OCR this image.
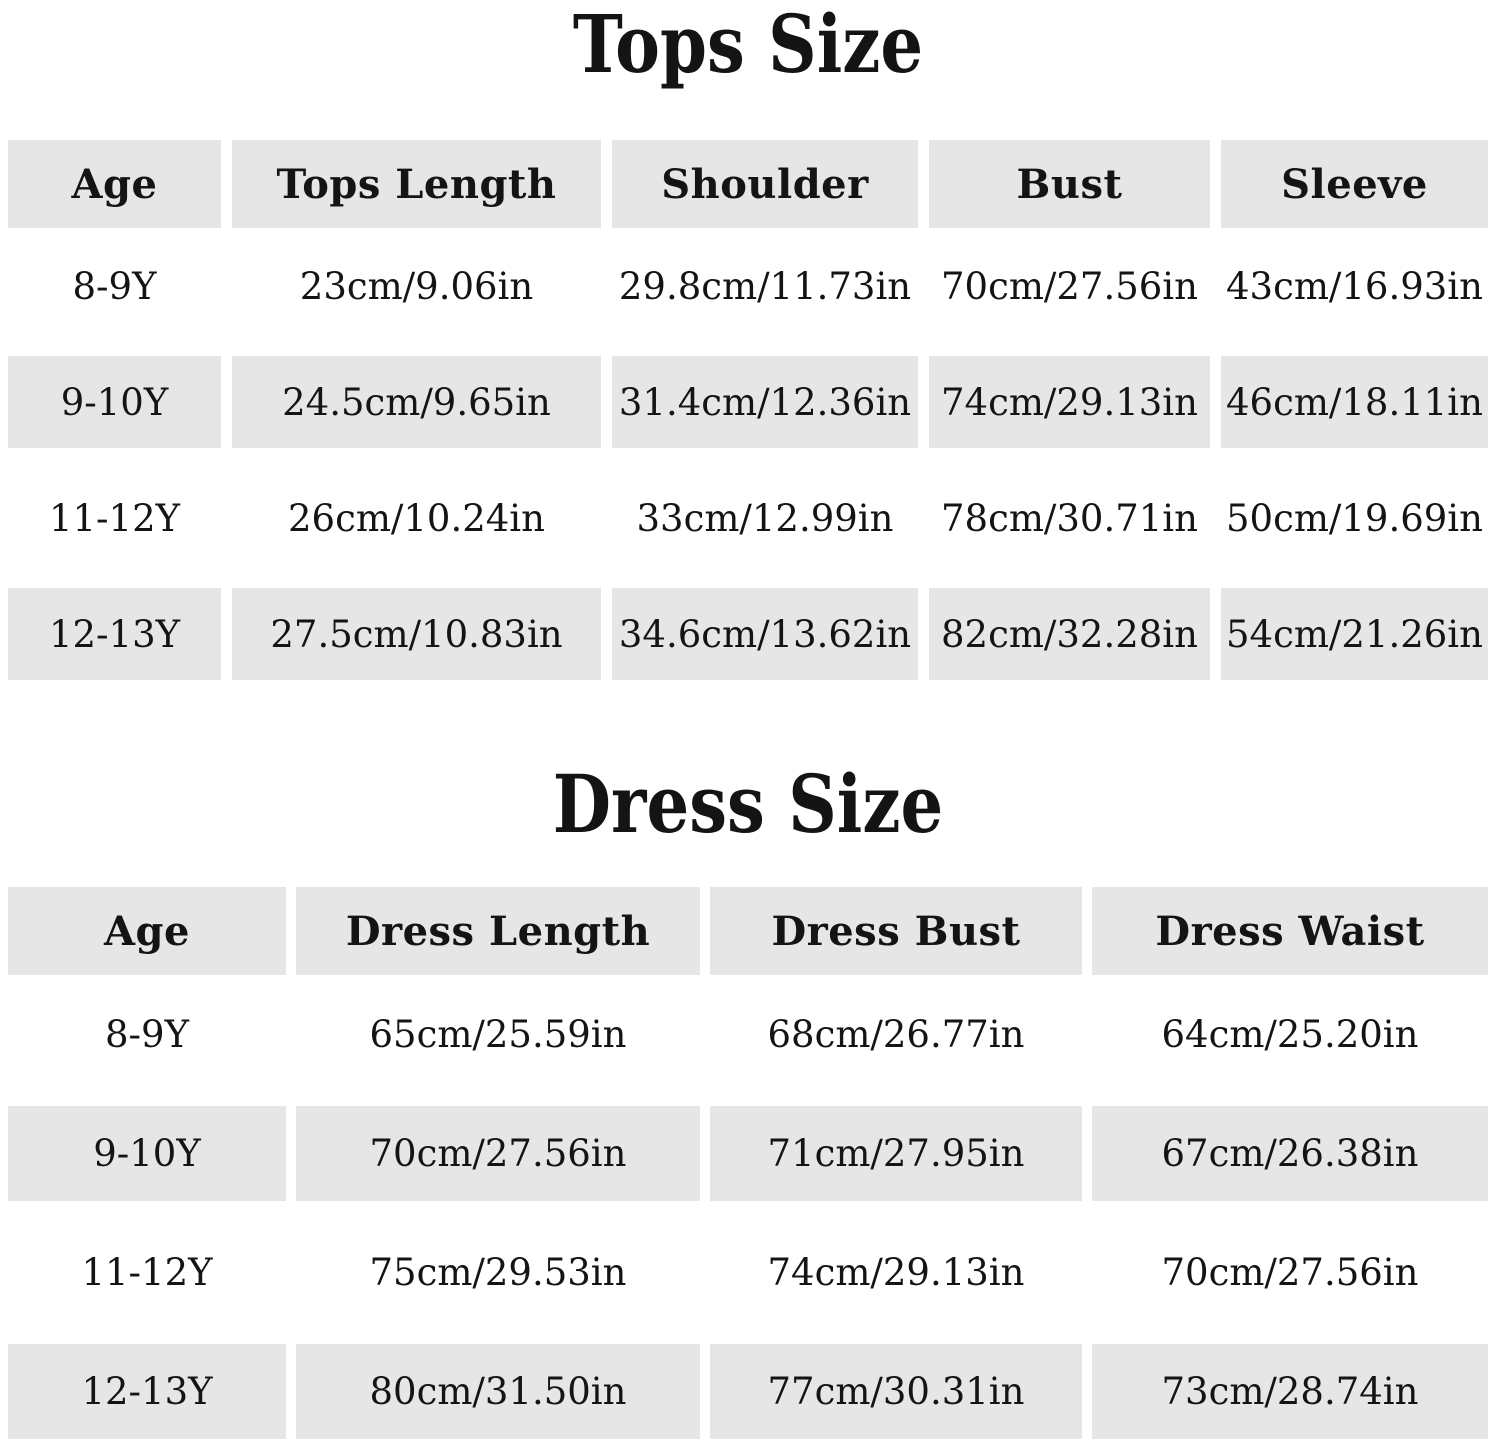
Tops Size
Age	Tops Length	Shoulder	Bust	Sleeve
8-9Y	23cm/9.06in	29.8cm/11.73in 70cm/27.56in 43cm/16.93in
9-10Y	24.5cm/9.65in	31.4cm/12.36in 74cm/29.13in 46cm/18.11in
11-12Y	26cm/10.24in	33cm/12.99in	78cm/30.71in 50cm/19.69in
12-13Y	27.5cm/10.83in	34.6cm/13.62in 82cm/32.28in 54cm/21.26in
Dress Size
Age	Dress Length	Dress Bust	Dress Waist
8-9Y	65cm/25.59in	68cm/26.77in	64cm/25.20in
9-10Y	70cm/27.56in	71cm/27.95in	67cm/26.38in
11-12Y	75cm/29.53in	74cm/29.13in	70cm/27.56in
12-13Y	80cm/31.50in	77cm/30.31in	73cm/28.74in
